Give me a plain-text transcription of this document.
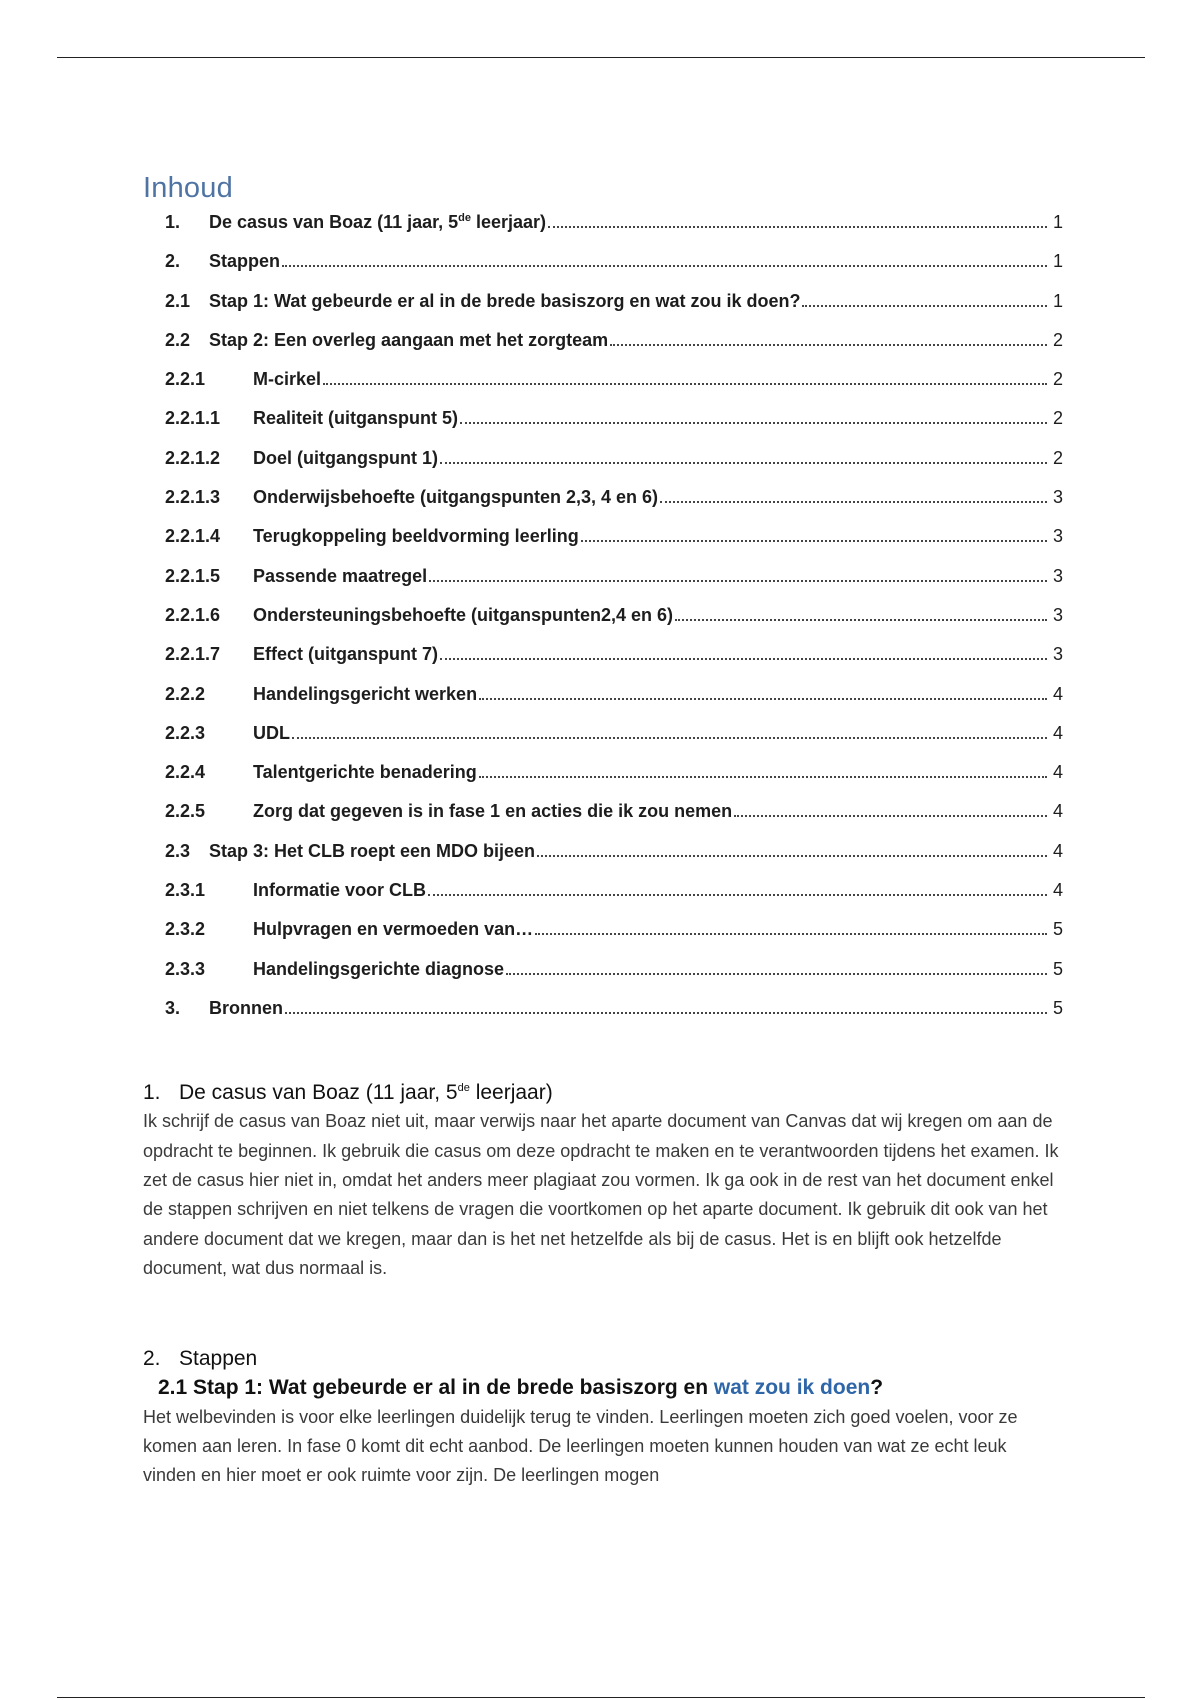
Inhoud
1.	De casus van Boaz (11 jaar, 5de leerjaar)	1
2.	Stappen	1
2.1	Stap 1: Wat gebeurde er al in de brede basiszorg en wat zou ik doen?	1
2.2	Stap 2: Een overleg aangaan met het zorgteam	2
2.2.1	M-cirkel	2
2.2.1.1	Realiteit (uitganspunt 5)	2
2.2.1.2	Doel (uitgangspunt 1)	2
2.2.1.3	Onderwijsbehoefte (uitgangspunten 2,3, 4 en 6)	3
2.2.1.4	Terugkoppeling beeldvorming leerling	3
2.2.1.5	Passende maatregel	3
2.2.1.6	Ondersteuningsbehoefte (uitganspunten2,4 en 6)	3
2.2.1.7	Effect (uitganspunt 7)	3
2.2.2	Handelingsgericht werken	4
2.2.3	UDL	4
2.2.4	Talentgerichte benadering	4
2.2.5	Zorg dat gegeven is in fase 1 en acties die ik zou nemen	4
2.3	Stap 3: Het CLB roept een MDO bijeen	4
2.3.1	Informatie voor CLB	4
2.3.2	Hulpvragen en vermoeden van…	5
2.3.3	Handelingsgerichte diagnose	5
3.	Bronnen	5
1. De casus van Boaz (11 jaar, 5de leerjaar)

Ik schrijf de casus van Boaz niet uit, maar verwijs naar het aparte document van Canvas dat wij kregen om aan de opdracht te beginnen. Ik gebruik die casus om deze opdracht te maken en te verantwoorden tijdens het examen. Ik zet de casus hier niet in, omdat het anders meer plagiaat zou vormen. Ik ga ook in de rest van het document enkel de stappen schrijven en niet telkens de vragen die voortkomen op het aparte document. Ik gebruik dit ook van het andere document dat we kregen, maar dan is het net hetzelfde als bij de casus. Het is en blijft ook hetzelfde document, wat dus normaal is.

2. Stappen
2.1 Stap 1: Wat gebeurde er al in de brede basiszorg en wat zou ik doen?

Het welbevinden is voor elke leerlingen duidelijk terug te vinden. Leerlingen moeten zich goed voelen, voor ze komen aan leren. In fase 0 komt dit echt aanbod. De leerlingen moeten kunnen houden van wat ze echt leuk vinden en hier moet er ook ruimte voor zijn. De leerlingen mogen
